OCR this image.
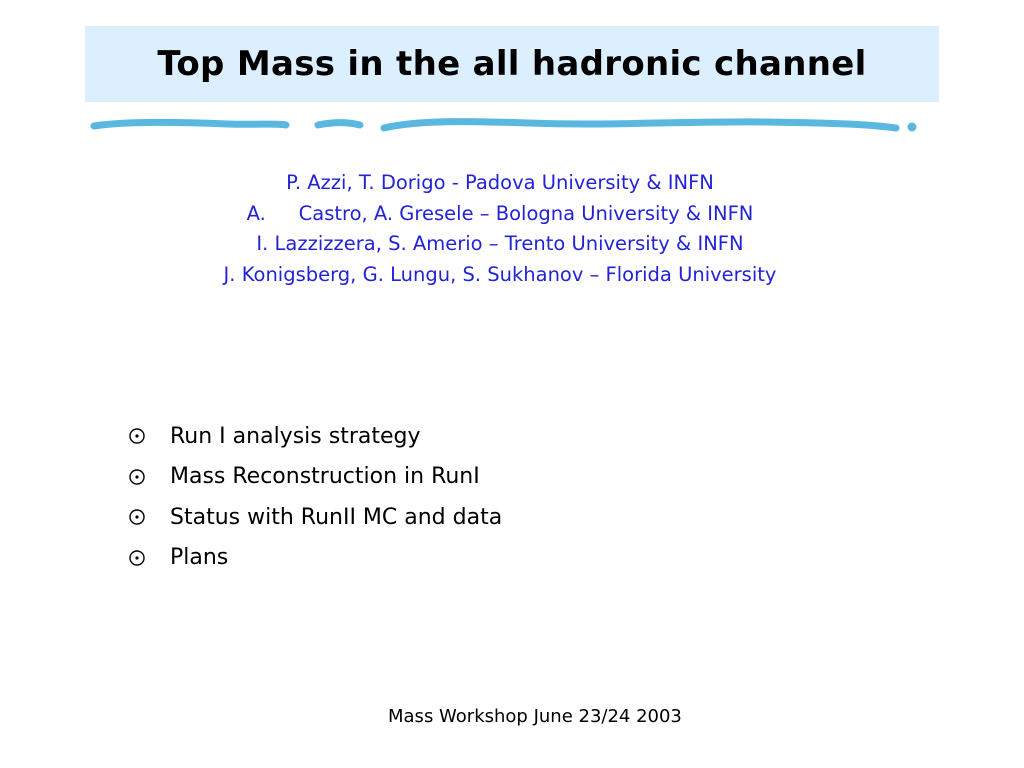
Top Mass in the all hadronic channel
P. Azzi, T. Dorigo - Padova University & INFN
A. Castro, A. Gresele – Bologna University & INFN
I. Lazzizzera, S. Amerio – Trento University & INFN
J. Konigsberg, G. Lungu, S. Sukhanov – Florida University
Run I analysis strategy
Mass Reconstruction in RunI
Status with RunII MC and data
Plans
Mass Workshop June 23/24 2003
